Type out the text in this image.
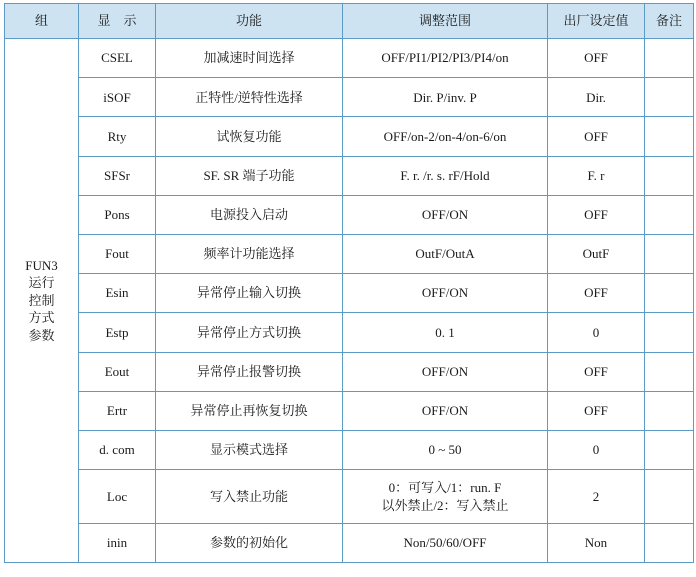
组	显　示	功能	调整范围	出厂设定值	备注

FUN3
运行
控制
方式
参数	CSEL	加减速时间选择	OFF/PI1/PI2/PI3/PI4/on	OFF	
	iSOF	正特性/逆特性选择	Dir. P/inv. P	Dir.	
	Rty	试恢复功能	OFF/on-2/on-4/on-6/on	OFF	
	SFSr	SF. SR 端子功能	F. r. /r. s. rF/Hold	F. r	
	Pons	电源投入启动	OFF/ON	OFF	
	Fout	频率计功能选择	OutF/OutA	OutF	
	Esin	异常停止输入切换	OFF/ON	OFF	
	Estp	异常停止方式切换	0. 1	0	
	Eout	异常停止报警切换	OFF/ON	OFF	
	Ertr	异常停止再恢复切换	OFF/ON	OFF	
	d. com	显示模式选择	0 ~ 50	0	
	Loc	写入禁止功能	0：可写入/1：run. F
以外禁止/2：写入禁止	2	
	inin	参数的初始化	Non/50/60/OFF	Non	
